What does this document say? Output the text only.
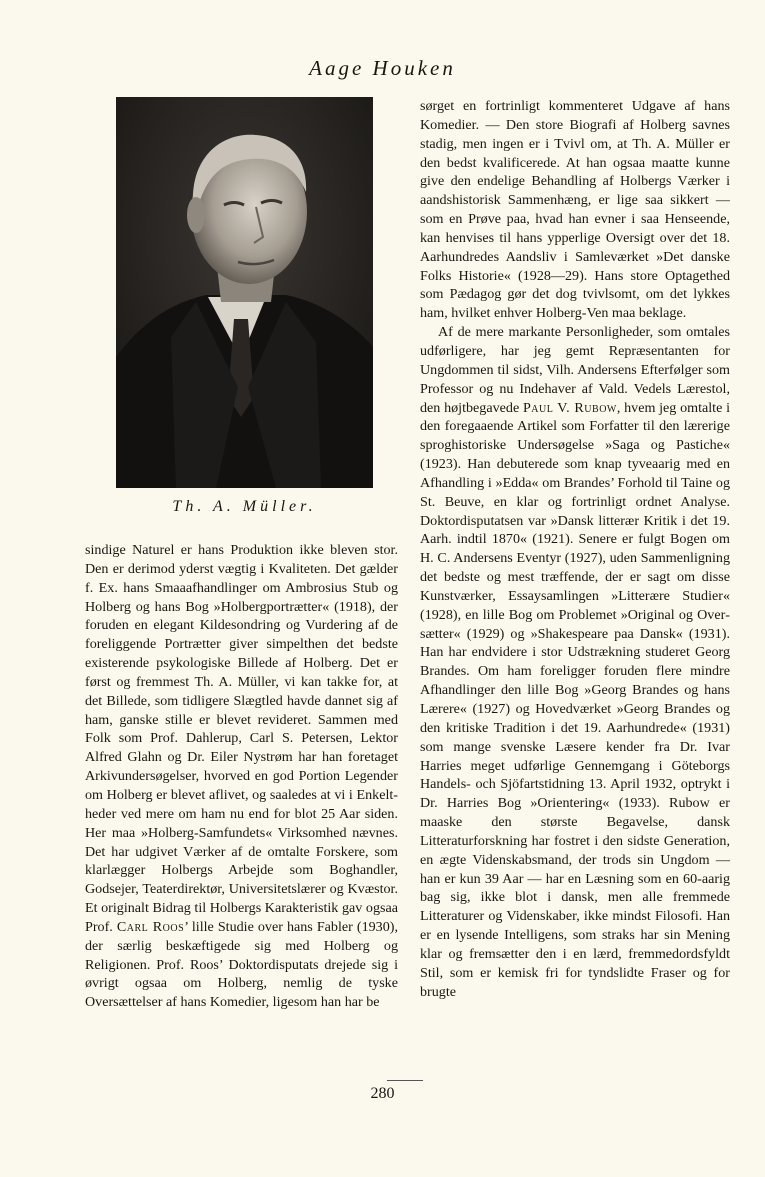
Aage Houken
Th. A. Müller.

sindige Naturel er hans Produktion ikke bleven stor. Den er derimod yderst vægtig i Kvaliteten. Det gælder f. Ex. hans Smaaafhandlinger om Ambrosius Stub og Holberg og hans Bog »Holbergportrætter« (1918), der foruden en elegant Kildesondring og Vurdering af de foreliggende Portrætter giver simpelthen det bedste existerende psykologiske Billede af Holberg. Det er først og fremmest Th. A. Müller, vi kan takke for, at det Billede, som tidligere Slægtled havde dannet sig af ham, ganske stille er blevet revideret. Sammen med Folk som Prof. Dahlerup, Carl S. Petersen, Lektor Alfred Glahn og Dr. Eiler Nystrøm har han foretaget Arkivundersøgelser, hvorved en god Portion Legender om Holberg er blevet aflivet, og saaledes at vi i Enkeltheder ved mere om ham nu end for blot 25 Aar siden. Her maa »Holberg-Samfundets« Virksomhed nævnes. Det har udgivet Værker af de omtalte Forskere, som klarlægger Holbergs Arbejde som Boghandler, Godsejer, Teaterdirektør, Universitetslærer og Kvæstor. Et originalt Bidrag til Holbergs Karakteristik gav ogsaa Prof. Carl Roos’ lille Studie over hans Fabler (1930), der særlig beskæftigede sig med Holberg og Religionen. Prof. Roos’ Doktordisputats drejede sig i øvrigt ogsaa om Holberg, nemlig de tyske Oversættelser af hans Komedier, ligesom han har be

sørget en fortrinligt kommenteret Udgave af hans Komedier. — Den store Biografi af Holberg savnes stadig, men ingen er i Tvivl om, at Th. A. Müller er den bedst kvalificerede. At han ogsaa maatte kunne give den endelige Behandling af Holbergs Værker i aandshistorisk Sammenhæng, er lige saa sikkert — som en Prøve paa, hvad han evner i saa Henseende, kan henvises til hans ypperlige Oversigt over det 18. Aarhundredes Aandsliv i Samleværket »Det danske Folks Historie« (1928—29). Hans store Optagethed som Pædagog gør det dog tvivlsomt, om det lykkes ham, hvilket enhver Holberg-Ven maa beklage.

Af de mere markante Personligheder, som omtales udførligere, har jeg gemt Repræsentanten for Ungdommen til sidst, Vilh. Andersens Efterfølger som Professor og nu Indehaver af Vald. Vedels Lærestol, den højtbegavede Paul V. Rubow, hvem jeg omtalte i den foregaaende Artikel som Forfatter til den lærerige sproghistoriske Undersøgelse »Saga og Pastiche« (1923). Han debuterede som knap tyveaarig med en Afhandling i »Edda« om Brandes’ Forhold til Taine og St. Beuve, en klar og fortrinligt ordnet Analyse. Doktordisputatsen var »Dansk litterær Kritik i det 19. Aarh. indtil 1870« (1921). Senere er fulgt Bogen om H. C. Andersens Eventyr (1927), uden Sammenligning det bedste og mest træffende, der er sagt om disse Kunstværker, Essaysamlingen »Litterære Studier« (1928), en lille Bog om Problemet »Original og Oversætter« (1929) og »Shakespeare paa Dansk« (1931). Han har endvidere i stor Udstrækning studeret Georg Brandes. Om ham foreligger foruden flere mindre Afhandlinger den lille Bog »Georg Brandes og hans Lærere« (1927) og Hovedværket »Georg Brandes og den kritiske Tradition i det 19. Aarhundrede« (1931) som mange svenske Læsere kender fra Dr. Ivar Harries meget udførlige Gennemgang i Göteborgs Handels- och Sjöfartstidning 13. April 1932, optrykt i Dr. Harries Bog »Orientering« (1933). Rubow er maaske den største Begavelse, dansk Litteraturforskning har fostret i den sidste Generation, en ægte Videnskabsmand, der trods sin Ungdom — han er kun 39 Aar — har en Læsning som en 60-aarig bag sig, ikke blot i dansk, men alle fremmede Litteraturer og Videnskaber, ikke mindst Filosofi. Han er en lysende Intelligens, som straks har sin Mening klar og fremsætter den i en lærd, fremmedordsfyldt Stil, som er kemisk fri for tyndslidte Fraser og for brugte

280
